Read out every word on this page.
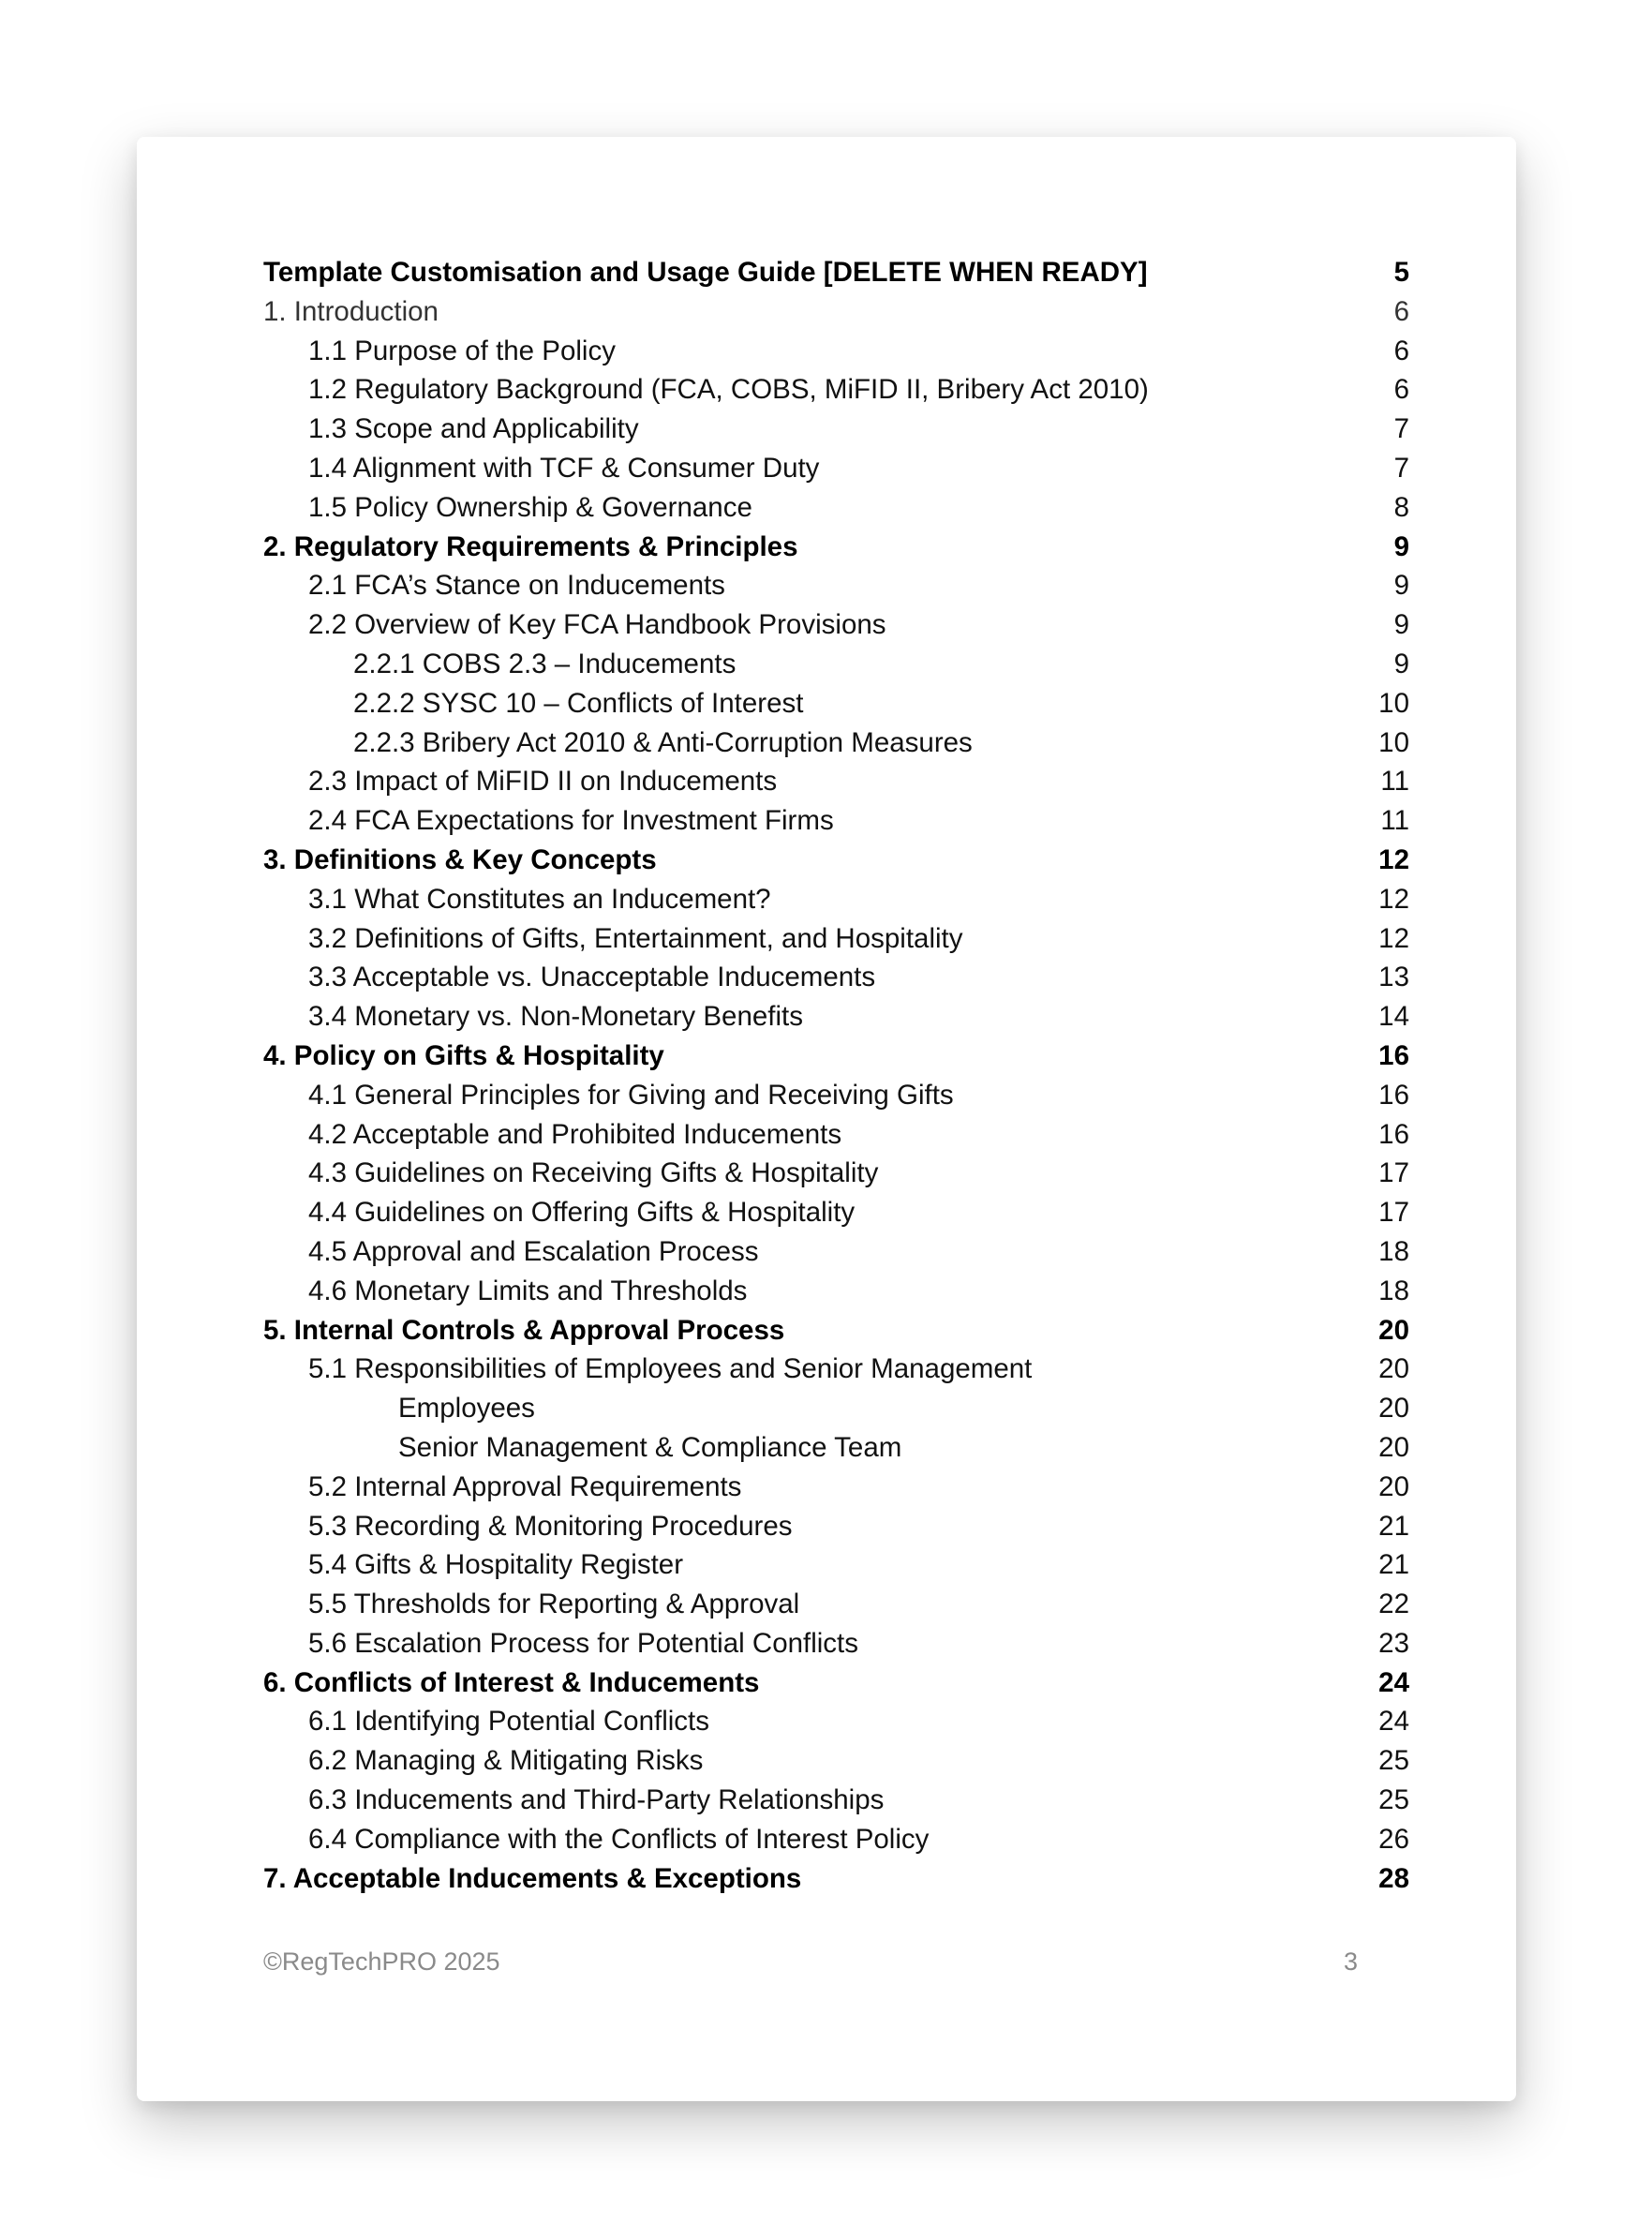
Template Customisation and Usage Guide [DELETE WHEN READY]	5
1. Introduction	6
1.1 Purpose of the Policy	6
1.2 Regulatory Background (FCA, COBS, MiFID II, Bribery Act 2010)	6
1.3 Scope and Applicability	7
1.4 Alignment with TCF & Consumer Duty	7
1.5 Policy Ownership & Governance	8
2. Regulatory Requirements & Principles	9
2.1 FCA’s Stance on Inducements	9
2.2 Overview of Key FCA Handbook Provisions	9
2.2.1 COBS 2.3 – Inducements	9
2.2.2 SYSC 10 – Conflicts of Interest	10
2.2.3 Bribery Act 2010 & Anti-Corruption Measures	10
2.3 Impact of MiFID II on Inducements	11
2.4 FCA Expectations for Investment Firms	11
3. Definitions & Key Concepts	12
3.1 What Constitutes an Inducement?	12
3.2 Definitions of Gifts, Entertainment, and Hospitality	12
3.3 Acceptable vs. Unacceptable Inducements	13
3.4 Monetary vs. Non-Monetary Benefits	14
4. Policy on Gifts & Hospitality	16
4.1 General Principles for Giving and Receiving Gifts	16
4.2 Acceptable and Prohibited Inducements	16
4.3 Guidelines on Receiving Gifts & Hospitality	17
4.4 Guidelines on Offering Gifts & Hospitality	17
4.5 Approval and Escalation Process	18
4.6 Monetary Limits and Thresholds	18
5. Internal Controls & Approval Process	20
5.1 Responsibilities of Employees and Senior Management	20
Employees	20
Senior Management & Compliance Team	20
5.2 Internal Approval Requirements	20
5.3 Recording & Monitoring Procedures	21
5.4 Gifts & Hospitality Register	21
5.5 Thresholds for Reporting & Approval	22
5.6 Escalation Process for Potential Conflicts	23
6. Conflicts of Interest & Inducements	24
6.1 Identifying Potential Conflicts	24
6.2 Managing & Mitigating Risks	25
6.3 Inducements and Third-Party Relationships	25
6.4 Compliance with the Conflicts of Interest Policy	26
7. Acceptable Inducements & Exceptions	28
©RegTechPRO 2025	3
